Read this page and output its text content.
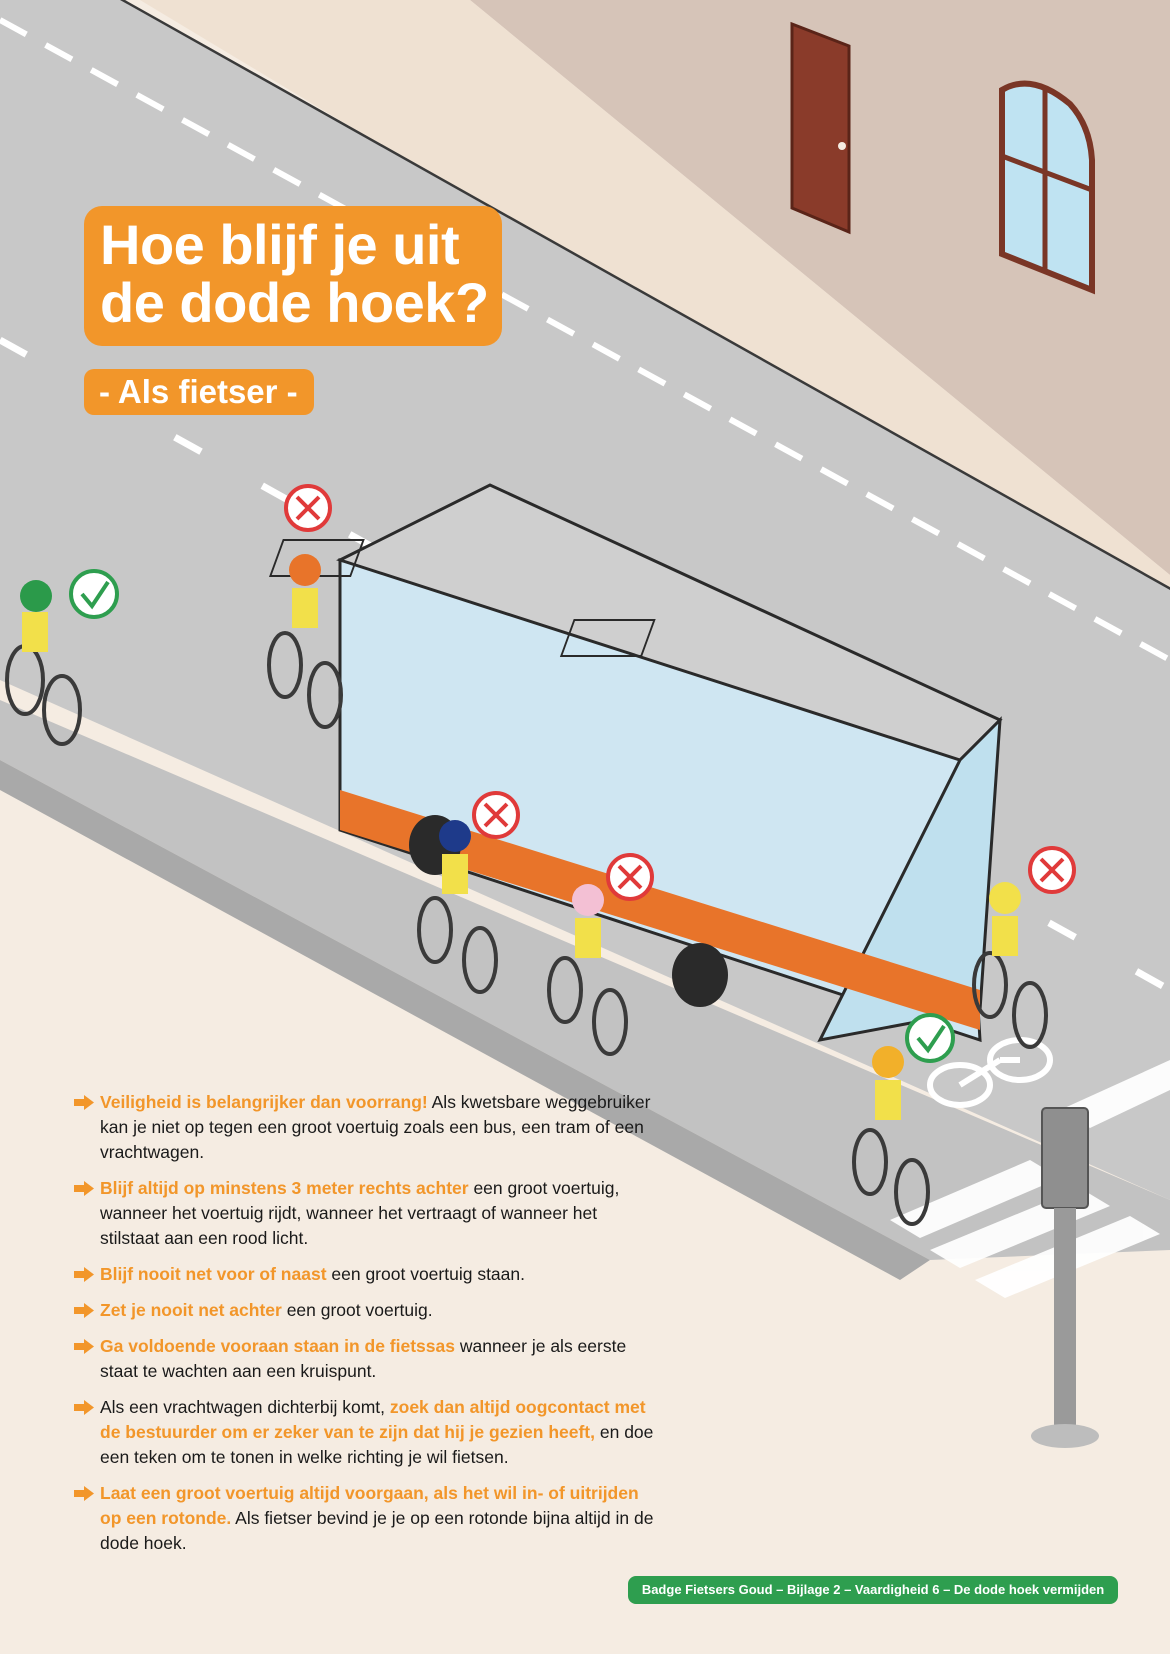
Hoe blijf je uit
de dode hoek?
- Als fietser -
Veiligheid is belangrijker dan voorrang! Als kwetsbare weggebruiker kan je niet op tegen een groot voertuig zoals een bus, een tram of een vrachtwagen.
Blijf altijd op minstens 3 meter rechts achter een groot voertuig, wanneer het voertuig rijdt, wanneer het vertraagt of wanneer het stilstaat aan een rood licht.
Blijf nooit net voor of naast een groot voertuig staan.
Zet je nooit net achter een groot voertuig.
Ga voldoende vooraan staan in de fietssas wanneer je als eerste staat te wachten aan een kruispunt.
Als een vrachtwagen dichterbij komt, zoek dan altijd oogcontact met de bestuurder om er zeker van te zijn dat hij je gezien heeft, en doe een teken om te tonen in welke richting je wil fietsen.
Laat een groot voertuig altijd voorgaan, als het wil in- of uitrijden op een rotonde. Als fietser bevind je je op een rotonde bijna altijd in de dode hoek.
Badge Fietsers Goud – Bijlage 2 – Vaardigheid 6 – De dode hoek vermijden
